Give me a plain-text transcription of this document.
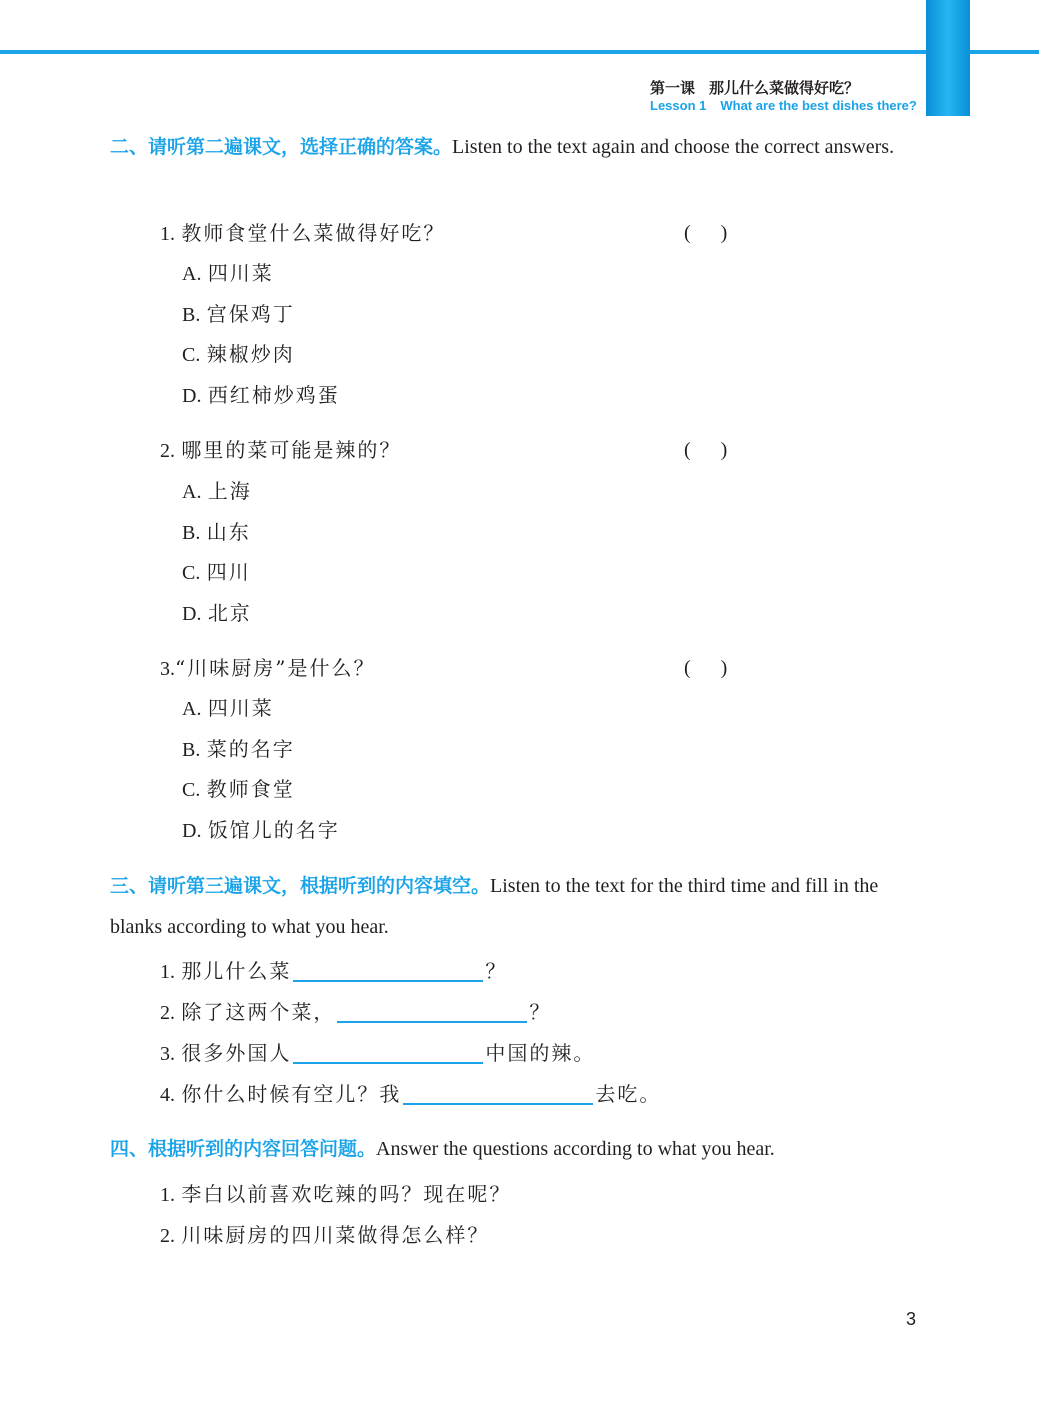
第一课 那儿什么菜做得好吃？
Lesson 1 What are the best dishes there?
二、请听第二遍课文，选择正确的答案。Listen to the text again and choose the correct answers.
1. 教师食堂什么菜做得好吃？	( )
A. 四川菜
B. 宫保鸡丁
C. 辣椒炒肉
D. 西红柿炒鸡蛋
2. 哪里的菜可能是辣的？	( )
A. 上海
B. 山东
C. 四川
D. 北京
3.“川味厨房”是什么？	( )
A. 四川菜
B. 菜的名字
C. 教师食堂
D. 饭馆儿的名字
三、请听第三遍课文，根据听到的内容填空。Listen to the text for the third time and fill in the blanks according to what you hear.
1. 那儿什么菜	？
2. 除了这两个菜，	？
3. 很多外国人	中国的辣。
4. 你什么时候有空儿？我	去吃。
四、根据听到的内容回答问题。Answer the questions according to what you hear.
1. 李白以前喜欢吃辣的吗？现在呢？
2. 川味厨房的四川菜做得怎么样？
3
